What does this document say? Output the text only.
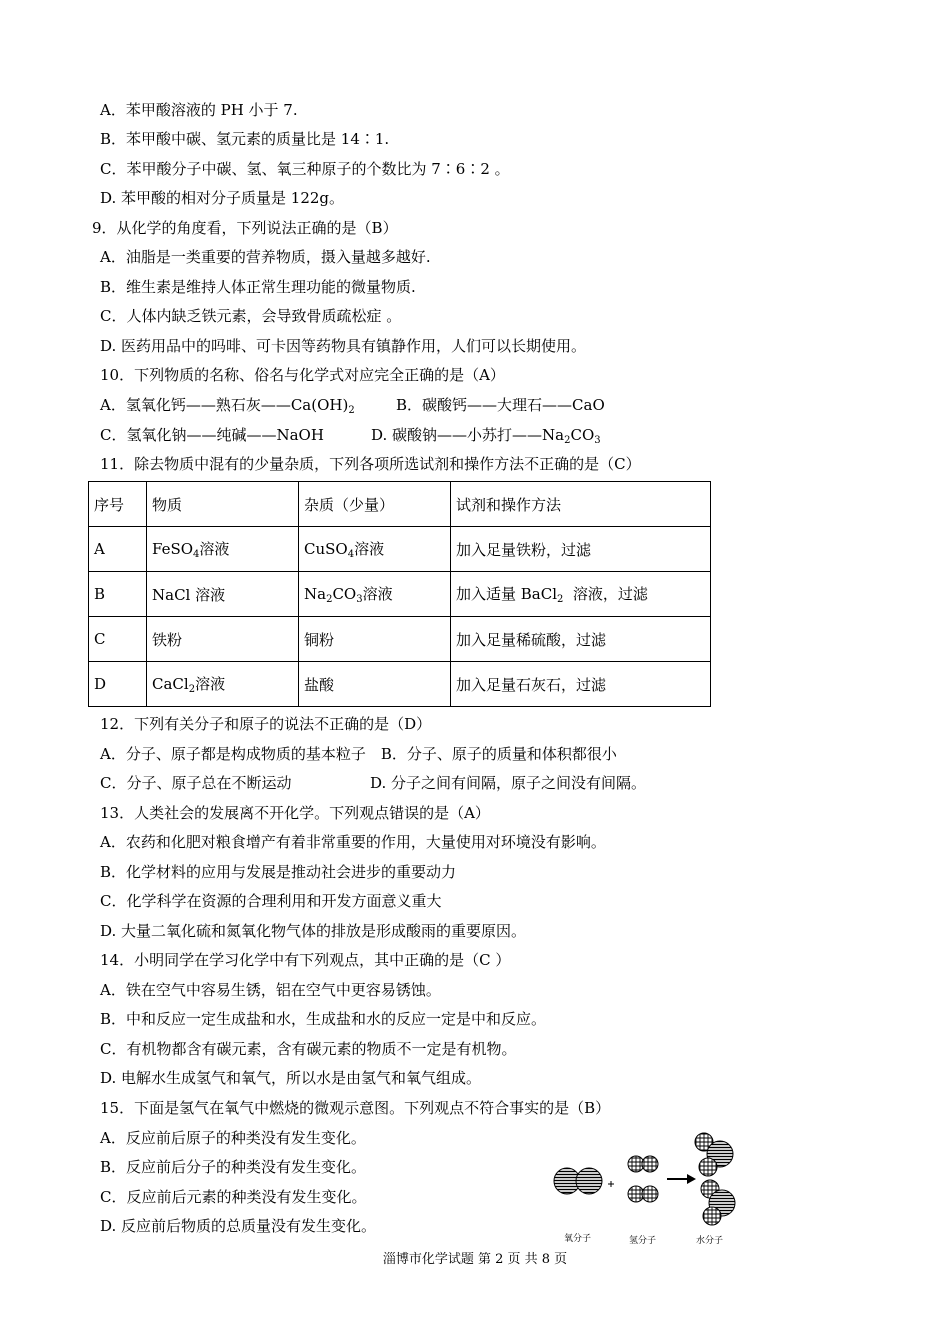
A．苯甲酸溶液的 PH 小于 7.
B．苯甲酸中碳、氢元素的质量比是 14∶1.
C．苯甲酸分子中碳、氢、氧三种原子的个数比为 7∶6∶2 。
D. 苯甲酸的相对分子质量是 122g。
9．从化学的角度看，下列说法正确的是（B）
A．油脂是一类重要的营养物质，摄入量越多越好.
B．维生素是维持人体正常生理功能的微量物质.
C．人体内缺乏铁元素，会导致骨质疏松症 。
D. 医药用品中的吗啡、可卡因等药物具有镇静作用，人们可以长期使用。
10．下列物质的名称、俗名与化学式对应完全正确的是（A）
A．氢氧化钙——熟石灰$——Ca(OH)_2$	B．碳酸钙——大理石——CaO
C．氢氧化钠——纯碱——NaOH	D. 碳酸钠——小苏打$——Na_2CO_3$
11．除去物质中混有的少量杂质，下列各项所选试剂和操作方法不正确的是（C）
序号	物质	杂质（少量）	试剂和操作方法
A	FeSO$_4$溶液	CuSO$_4$溶液	加入足量铁粉，过滤
B	NaCl 溶液	$Na_2CO_3$溶液	加入适量 BaCl$_2$  溶液，过滤
C	铁粉	铜粉	加入足量稀硫酸，过滤
D	CaCl$_2$溶液	盐酸	加入足量石灰石，过滤
12．下列有关分子和原子的说法不正确的是（D）
A．分子、原子都是构成物质的基本粒子　B．分子、原子的质量和体积都很小
C．分子、原子总在不断运动	D. 分子之间有间隔，原子之间没有间隔。
13．人类社会的发展离不开化学。下列观点错误的是（A）
A．农药和化肥对粮食增产有着非常重要的作用，大量使用对环境没有影响。
B．化学材料的应用与发展是推动社会进步的重要动力
C．化学科学在资源的合理利用和开发方面意义重大
D. 大量二氧化硫和氮氧化物气体的排放是形成酸雨的重要原因。
14．小明同学在学习化学中有下列观点，其中正确的是（C ）
A．铁在空气中容易生锈，铝在空气中更容易锈蚀。
B．中和反应一定生成盐和水，生成盐和水的反应一定是中和反应。
C．有机物都含有碳元素，含有碳元素的物质不一定是有机物。
D. 电解水生成氢气和氧气，所以水是由氢气和氧气组成。
15．下面是氢气在氧气中燃烧的微观示意图。下列观点不符合事实的是（B）
A．反应前后原子的种类没有发生变化。
B．反应前后分子的种类没有发生变化。
C．反应前后元素的种类没有发生变化。
D. 反应前后物质的总质量没有发生变化。
氧分子	氢分子	水分子
淄博市化学试题 第 2 页 共 8 页
